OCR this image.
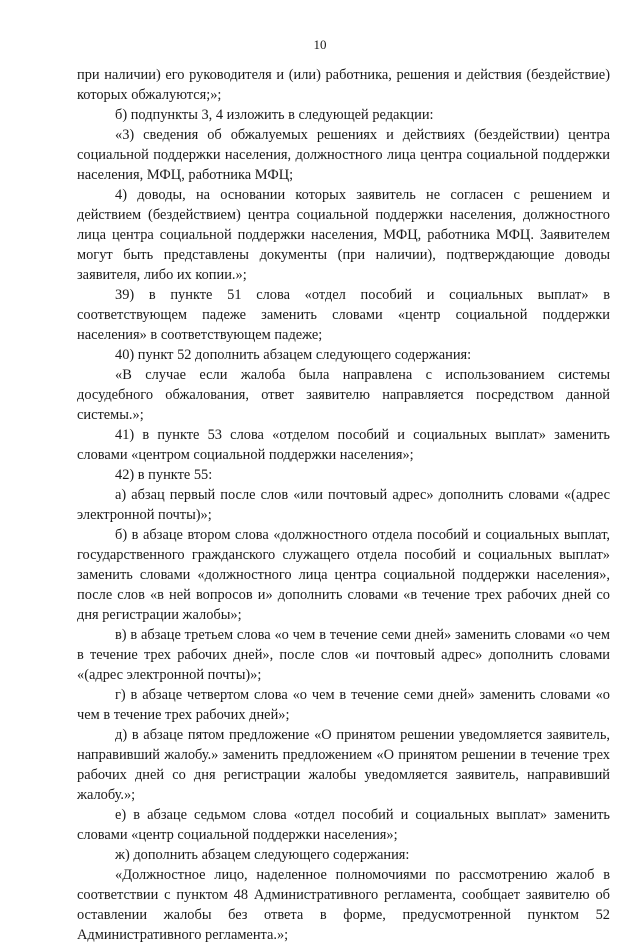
10

при наличии) его руководителя и (или) работника, решения и действия (бездействие) которых обжалуются;»;

б) подпункты 3, 4 изложить в следующей редакции:

«3) сведения об обжалуемых решениях и действиях (бездействии) центра социальной поддержки населения, должностного лица центра социальной поддержки населения, МФЦ, работника МФЦ;

4) доводы, на основании которых заявитель не согласен с решением и действием (бездействием) центра социальной поддержки населения, должностного лица центра социальной поддержки населения, МФЦ, работника МФЦ. Заявителем могут быть представлены документы (при наличии), подтверждающие доводы заявителя, либо их копии.»;

39) в пункте 51 слова «отдел пособий и социальных выплат» в соответствующем падеже заменить словами «центр социальной поддержки населения» в соответствующем падеже;

40) пункт 52 дополнить абзацем следующего содержания:

«В случае если жалоба была направлена с использованием системы досудебного обжалования, ответ заявителю направляется посредством данной системы.»;

41) в пункте 53 слова «отделом пособий и социальных выплат» заменить словами «центром социальной поддержки населения»;

42) в пункте 55:

а) абзац первый после слов «или почтовый адрес» дополнить словами «(адрес электронной почты)»;

б) в абзаце втором слова «должностного отдела пособий и социальных выплат, государственного гражданского служащего отдела пособий и социальных выплат» заменить словами «должностного лица центра социальной поддержки населения», после слов «в ней вопросов и» дополнить словами «в течение трех рабочих дней со дня регистрации жалобы»;

в) в абзаце третьем слова «о чем в течение семи дней» заменить словами «о чем в течение трех рабочих дней», после слов «и почтовый адрес» дополнить словами «(адрес электронной почты)»;

г) в абзаце четвертом слова «о чем в течение семи дней» заменить словами «о чем в течение трех рабочих дней»;

д) в абзаце пятом предложение «О принятом решении уведомляется заявитель, направивший жалобу.» заменить предложением «О принятом решении в течение трех рабочих дней со дня регистрации жалобы уведомляется заявитель, направивший жалобу.»;

е) в абзаце седьмом слова «отдел пособий и социальных выплат» заменить словами «центр социальной поддержки населения»;

ж) дополнить абзацем следующего содержания:

«Должностное лицо, наделенное полномочиями по рассмотрению жалоб в соответствии с пунктом 48 Административного регламента, сообщает заявителю об оставлении жалобы без ответа в форме, предусмотренной пунктом 52 Административного регламента.»;
